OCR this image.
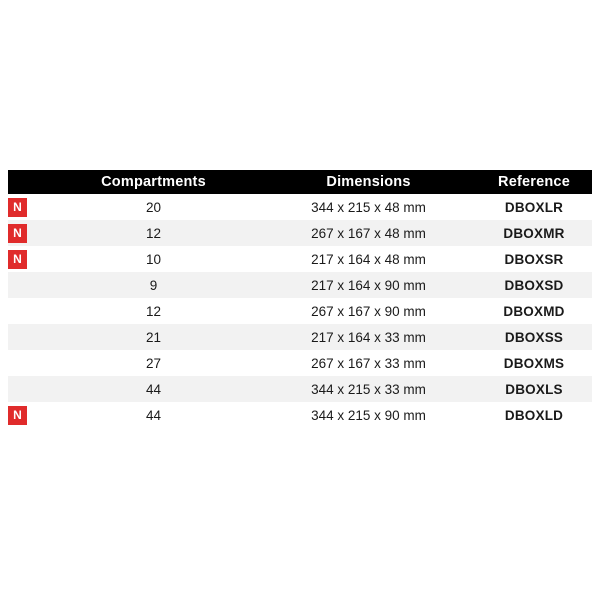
	Compartments	Dimensions	Reference
N	20	344 x 215 x 48 mm	DBOXLR
N	12	267 x 167 x 48 mm	DBOXMR
N	10	217 x 164 x 48 mm	DBOXSR
	9	217 x 164 x 90 mm	DBOXSD
	12	267 x 167 x 90 mm	DBOXMD
	21	217 x 164 x 33 mm	DBOXSS
	27	267 x 167 x 33 mm	DBOXMS
	44	344 x 215 x 33 mm	DBOXLS
N	44	344 x 215 x 90 mm	DBOXLD
